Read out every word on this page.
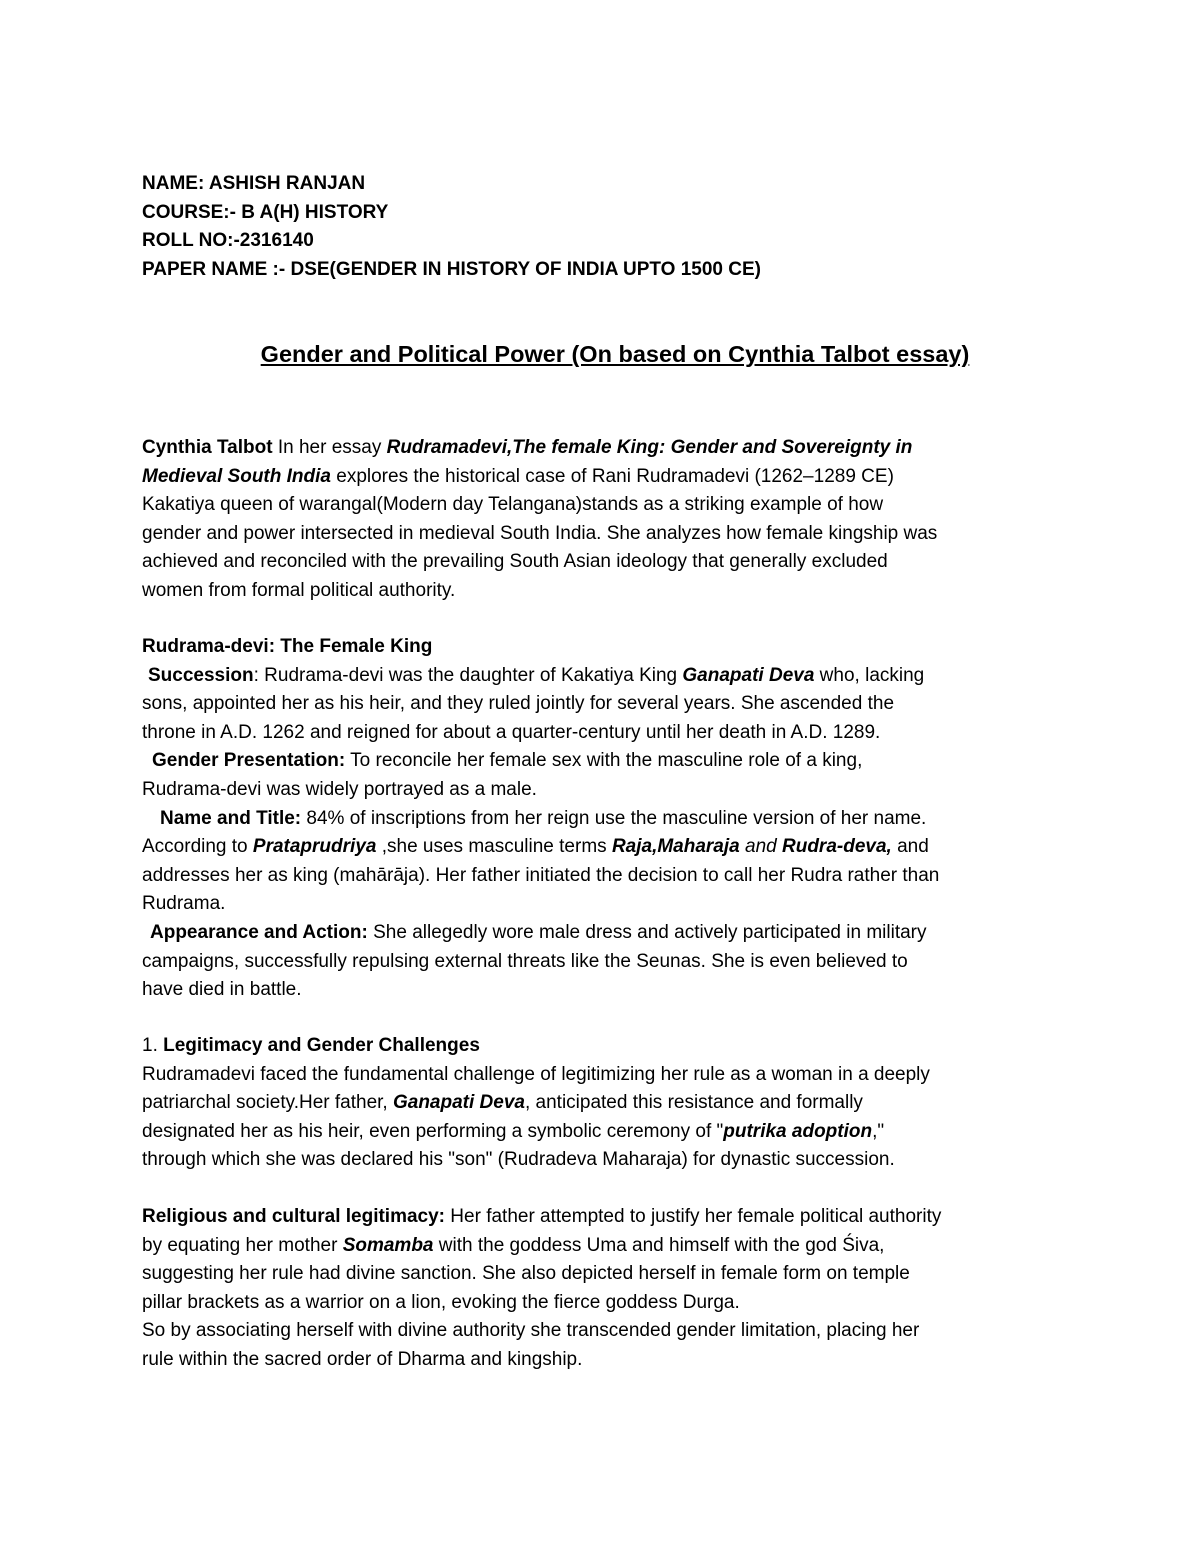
NAME: ASHISH RANJAN
COURSE:- B A(H) HISTORY
ROLL NO:-2316140
PAPER NAME :- DSE(GENDER IN HISTORY OF INDIA UPTO 1500 CE)
Gender and Political Power (On based on Cynthia Talbot essay)
Cynthia Talbot In her essay Rudramadevi,The female King: Gender and Sovereignty in
Medieval South India explores the historical case of Rani Rudramadevi (1262–1289 CE)
Kakatiya queen of warangal(Modern day Telangana)stands as a striking example of how
gender and power intersected in medieval South India. She analyzes how female kingship was
achieved and reconciled with the prevailing South Asian ideology that generally excluded
women from formal political authority.
Rudrama-devi: The Female King
Succession: Rudrama-devi was the daughter of Kakatiya King Ganapati Deva who, lacking
sons, appointed her as his heir, and they ruled jointly for several years. She ascended the
throne in A.D. 1262 and reigned for about a quarter-century until her death in A.D. 1289.
Gender Presentation: To reconcile her female sex with the masculine role of a king,
Rudrama-devi was widely portrayed as a male.
Name and Title: 84% of inscriptions from her reign use the masculine version of her name.
According to Prataprudriya ,she uses masculine terms Raja,Maharaja and Rudra-deva, and
addresses her as king (mahārāja). Her father initiated the decision to call her Rudra rather than
Rudrama.
Appearance and Action: She allegedly wore male dress and actively participated in military
campaigns, successfully repulsing external threats like the Seunas. She is even believed to
have died in battle.
1. Legitimacy and Gender Challenges
Rudramadevi faced the fundamental challenge of legitimizing her rule as a woman in a deeply
patriarchal society.Her father, Ganapati Deva, anticipated this resistance and formally
designated her as his heir, even performing a symbolic ceremony of "putrika adoption,"
through which she was declared his "son" (Rudradeva Maharaja) for dynastic succession.
Religious and cultural legitimacy: Her father attempted to justify her female political authority
by equating her mother Somamba with the goddess Uma and himself with the god Śiva,
suggesting her rule had divine sanction. She also depicted herself in female form on temple
pillar brackets as a warrior on a lion, evoking the fierce goddess Durga.
So by associating herself with divine authority she transcended gender limitation, placing her
rule within the sacred order of Dharma and kingship.
